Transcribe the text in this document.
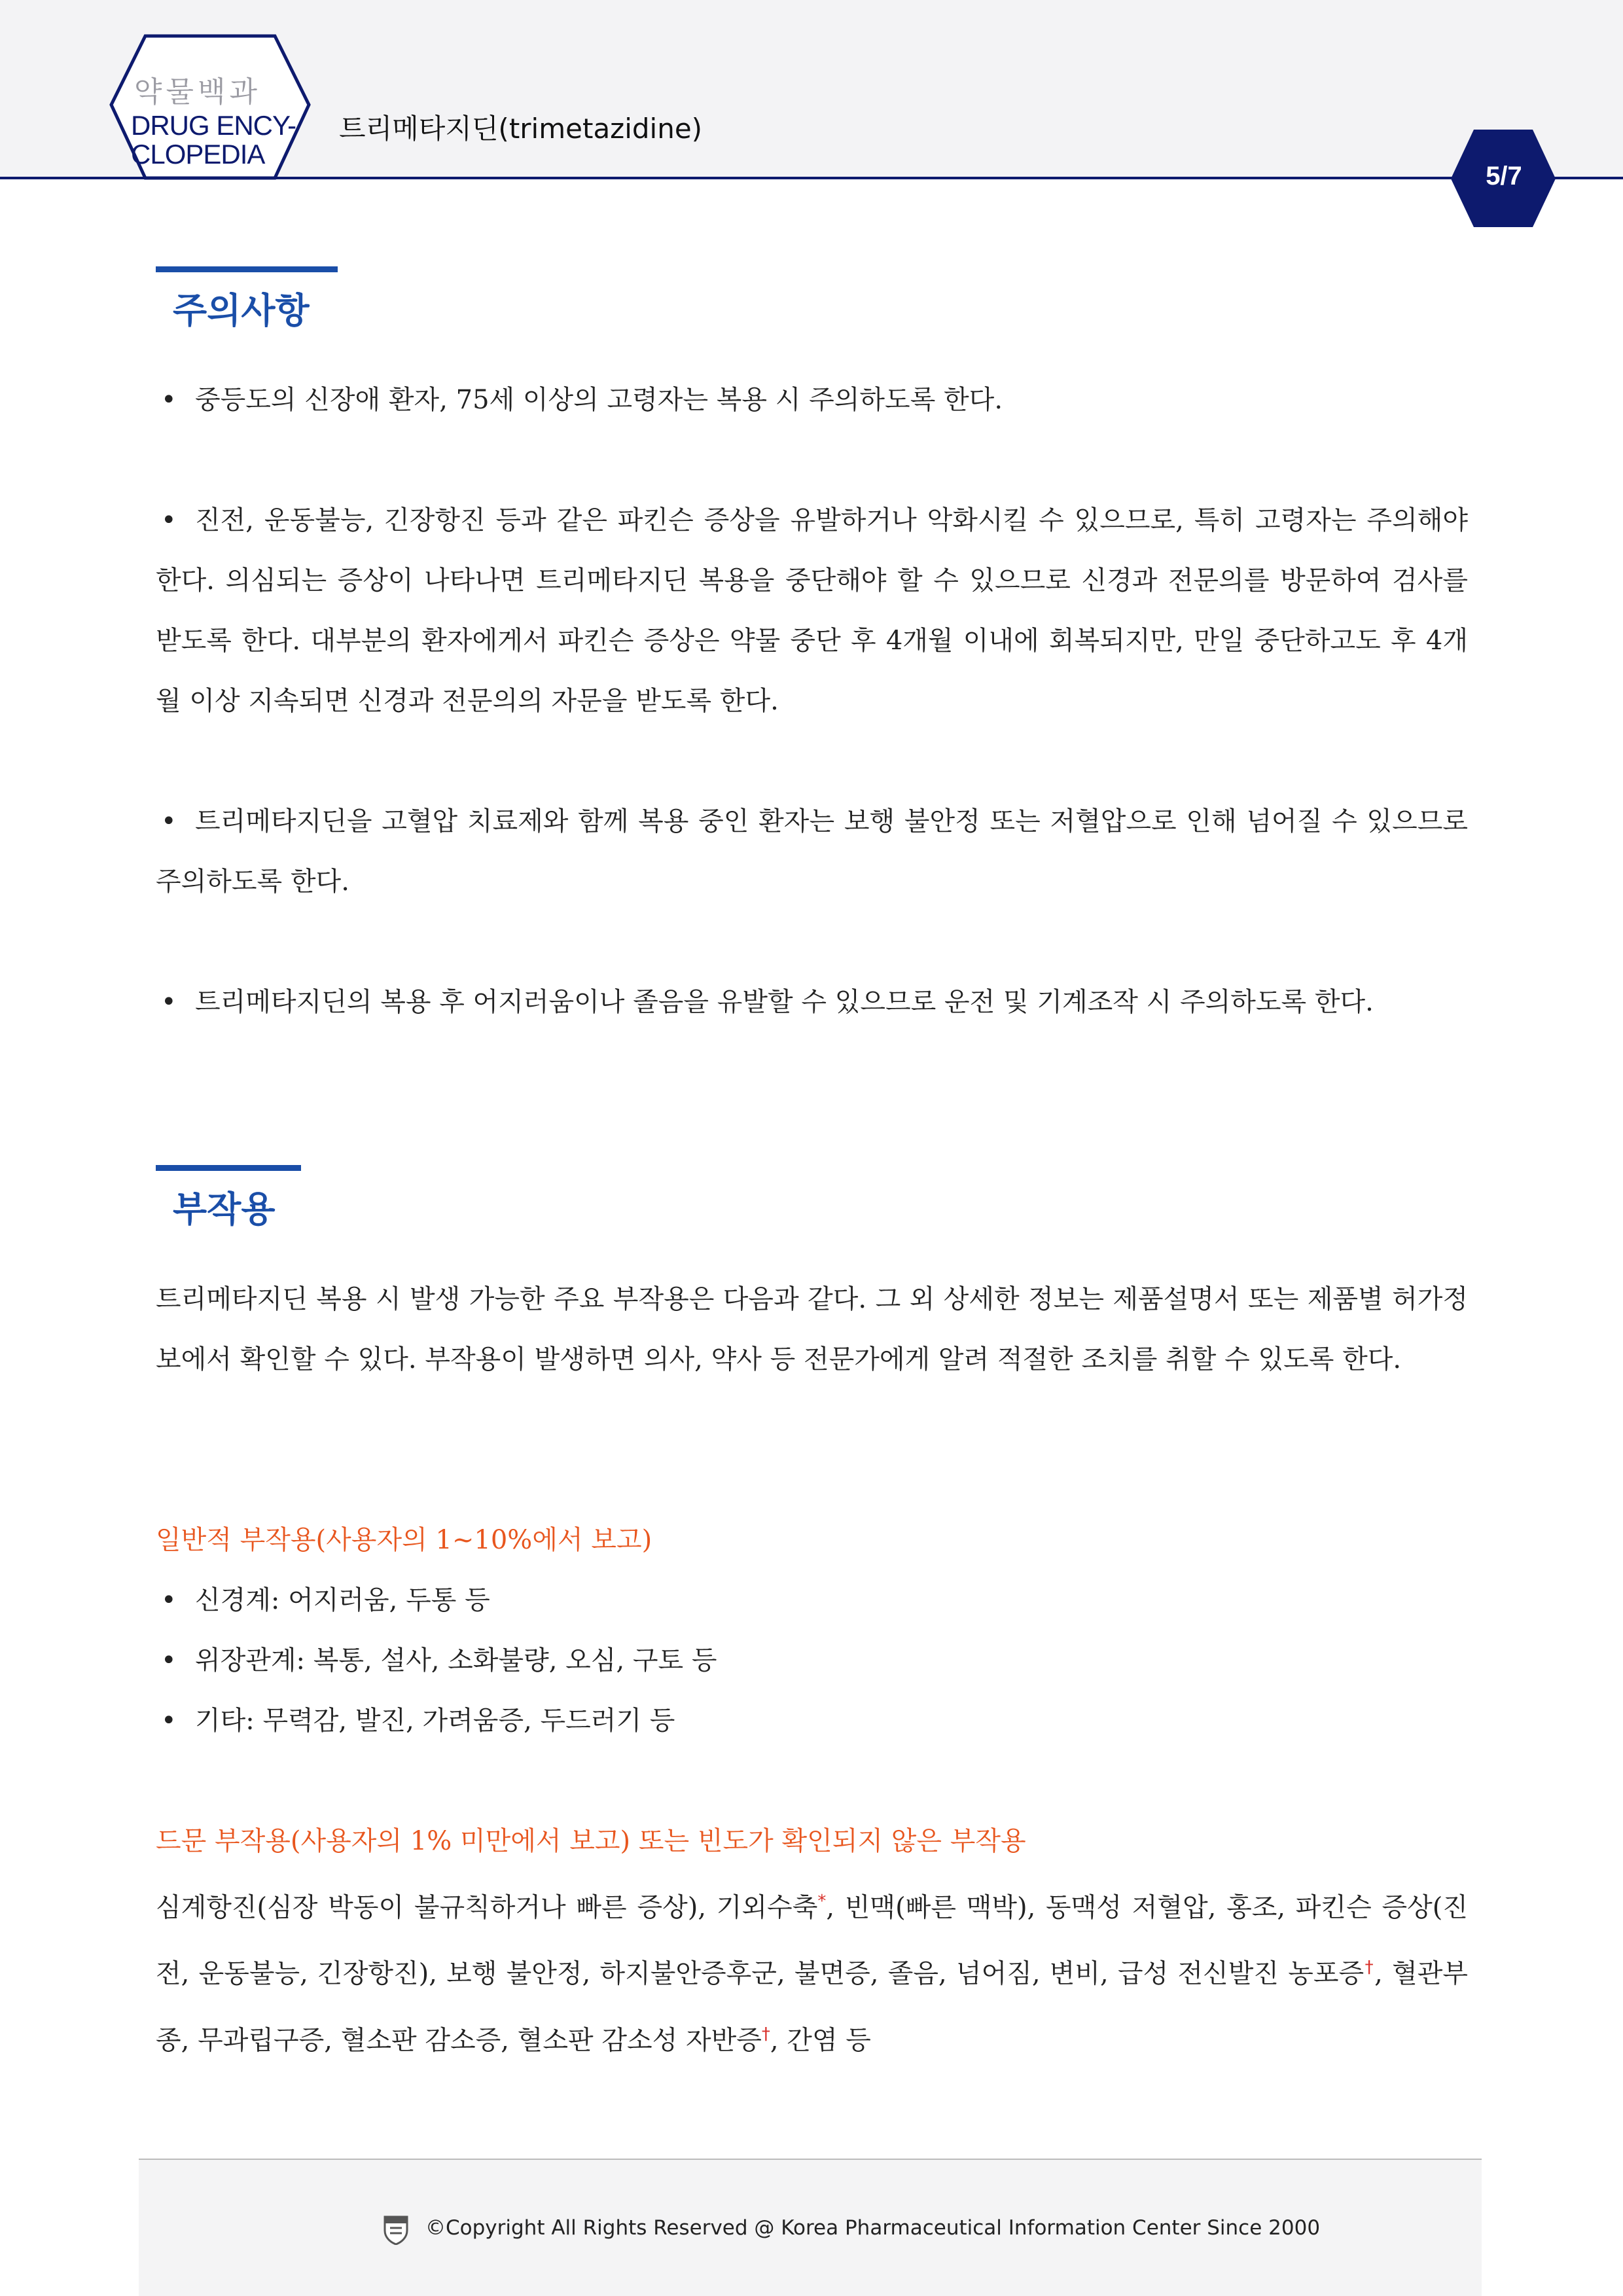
약물백과
DRUG ENCY-
CLOPEDIA
트리메타지딘(trimetazidine)
5/7
주의사항
• 중등도의 신장애 환자, 75세 이상의 고령자는 복용 시 주의하도록 한다.
• 진전, 운동불능, 긴장항진 등과 같은 파킨슨 증상을 유발하거나 악화시킬 수 있으므로, 특히 고령자는 주의해야 한다. 의심되는 증상이 나타나면 트리메타지딘 복용을 중단해야 할 수 있으므로 신경과 전문의를 방문하여 검사를 받도록 한다. 대부분의 환자에게서 파킨슨 증상은 약물 중단 후 4개월 이내에 회복되지만, 만일 중단하고도 후 4개월 이상 지속되면 신경과 전문의의 자문을 받도록 한다.
• 트리메타지딘을 고혈압 치료제와 함께 복용 중인 환자는 보행 불안정 또는 저혈압으로 인해 넘어질 수 있으므로 주의하도록 한다.
• 트리메타지딘의 복용 후 어지러움이나 졸음을 유발할 수 있으므로 운전 및 기계조작 시 주의하도록 한다.
부작용
트리메타지딘 복용 시 발생 가능한 주요 부작용은 다음과 같다. 그 외 상세한 정보는 제품설명서 또는 제품별 허가정보에서 확인할 수 있다. 부작용이 발생하면 의사, 약사 등 전문가에게 알려 적절한 조치를 취할 수 있도록 한다.
일반적 부작용(사용자의 1~10%에서 보고)
• 신경계: 어지러움, 두통 등
• 위장관계: 복통, 설사, 소화불량, 오심, 구토 등
• 기타: 무력감, 발진, 가려움증, 두드러기 등
드문 부작용(사용자의 1% 미만에서 보고) 또는 빈도가 확인되지 않은 부작용
심계항진(심장 박동이 불규칙하거나 빠른 증상), 기외수축*, 빈맥(빠른 맥박), 동맥성 저혈압, 홍조, 파킨슨 증상(진전, 운동불능, 긴장항진), 보행 불안정, 하지불안증후군, 불면증, 졸음, 넘어짐, 변비, 급성 전신발진 농포증†, 혈관부종, 무과립구증, 혈소판 감소증, 혈소판 감소성 자반증†, 간염 등
©Copyright All Rights Reserved @ Korea Pharmaceutical Information Center Since 2000
